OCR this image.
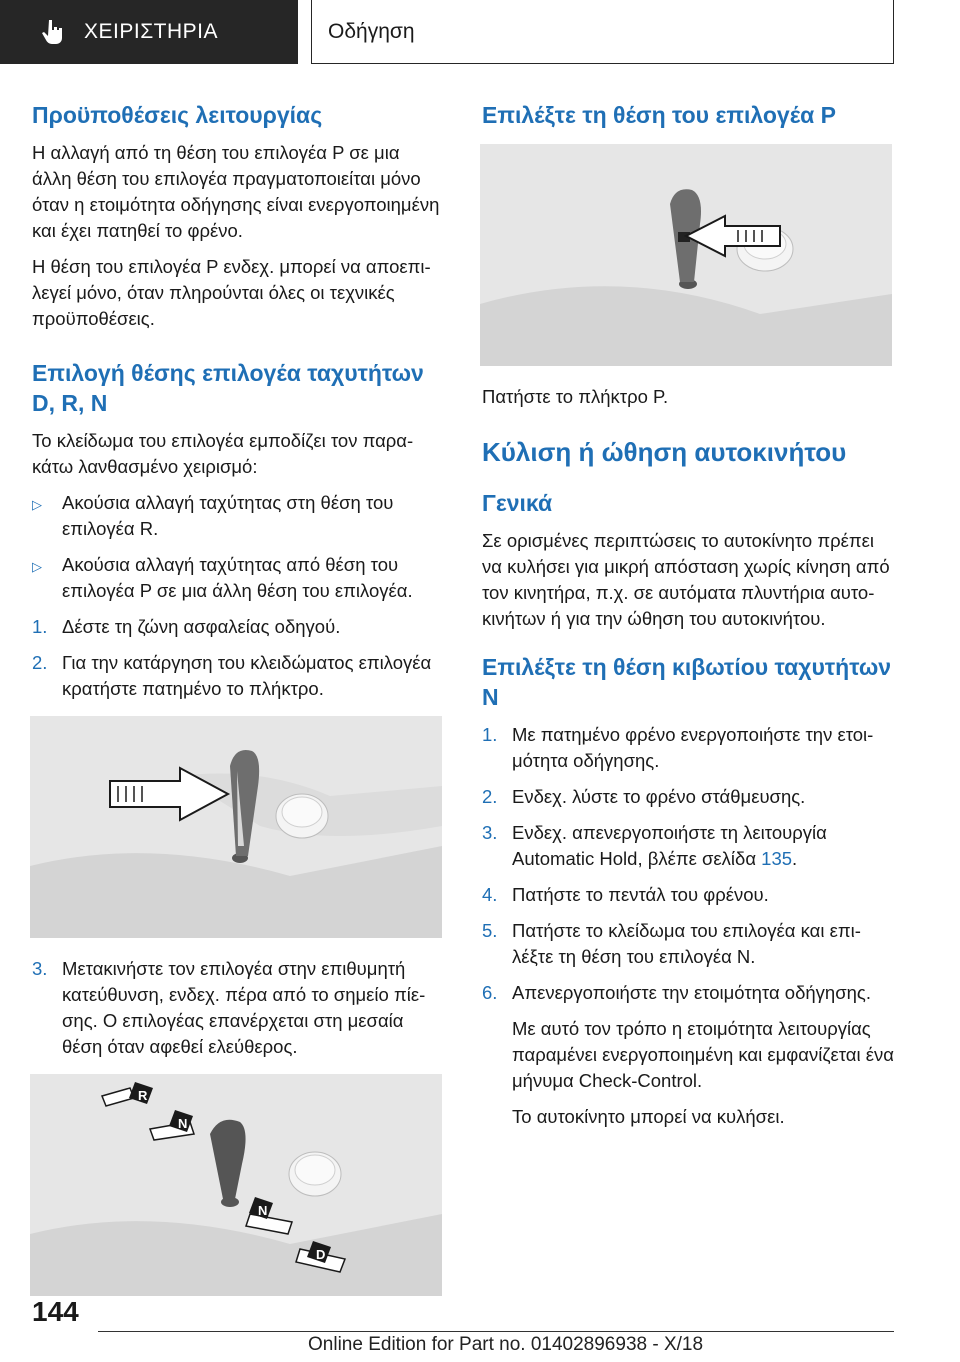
ΧΕΙΡΙΣΤΗΡΙΑ	Οδήγηση
Προϋποθέσεις λειτουργίας

Η αλλαγή από τη θέση του επιλογέα P σε μια άλλη θέση του επιλογέα πραγματοποιείται μόνο όταν η ετοιμότητα οδήγησης είναι ενεργοποιημένη και έχει πατηθεί το φρένο.

Η θέση του επιλογέα P ενδεχ. μπορεί να αποεπιλεγεί μόνο, όταν πληρούνται όλες οι τεχνικές προϋποθέσεις.

Επιλογή θέσης επιλογέα ταχυτήτων D, R, N

Το κλείδωμα του επιλογέα εμποδίζει τον παρακάτω λανθασμένο χειρισμό:

▷	Ακούσια αλλαγή ταχύτητας στη θέση του επιλογέα R.
▷	Ακούσια αλλαγή ταχύτητας από θέση του επιλογέα P σε μια άλλη θέση του επιλογέα.
1. Δέστε τη ζώνη ασφαλείας οδηγού.
2. Για την κατάργηση του κλειδώματος επιλογέα κρατήστε πατημένο το πλήκτρο.
3. Μετακινήστε τον επιλογέα στην επιθυμητή κατεύθυνση, ενδεχ. πέρα από το σημείο πίεσης. Ο επιλογέας επανέρχεται στη μεσαία θέση όταν αφεθεί ελεύθερος.
R
N
N
D
Επιλέξτε τη θέση του επιλογέα P

Πατήστε το πλήκτρο P.

Κύλιση ή ώθηση αυτοκινήτου
Γενικά

Σε ορισμένες περιπτώσεις το αυτοκίνητο πρέπει να κυλήσει για μικρή απόσταση χωρίς κίνηση από τον κινητήρα, π.χ. σε αυτόματα πλυντήρια αυτοκινήτων ή για την ώθηση του αυτοκινήτου.

Επιλέξτε τη θέση κιβωτίου ταχυτήτων N
1. Με πατημένο φρένο ενεργοποιήστε την ετοιμότητα οδήγησης.
2. Ενδεχ. λύστε το φρένο στάθμευσης.
3. Ενδεχ. απενεργοποιήστε τη λειτουργία Automatic Hold, βλέπε σελίδα 135.
4. Πατήστε το πεντάλ του φρένου.
5. Πατήστε το κλείδωμα του επιλογέα και επιλέξτε τη θέση του επιλογέα N.
6. Απενεργοποιήστε την ετοιμότητα οδήγησης.

Με αυτό τον τρόπο η ετοιμότητα λειτουργίας παραμένει ενεργοποιημένη και εμφανίζεται ένα μήνυμα Check-Control.

Το αυτοκίνητο μπορεί να κυλήσει.

144
Online Edition for Part no. 01402896938 - X/18
